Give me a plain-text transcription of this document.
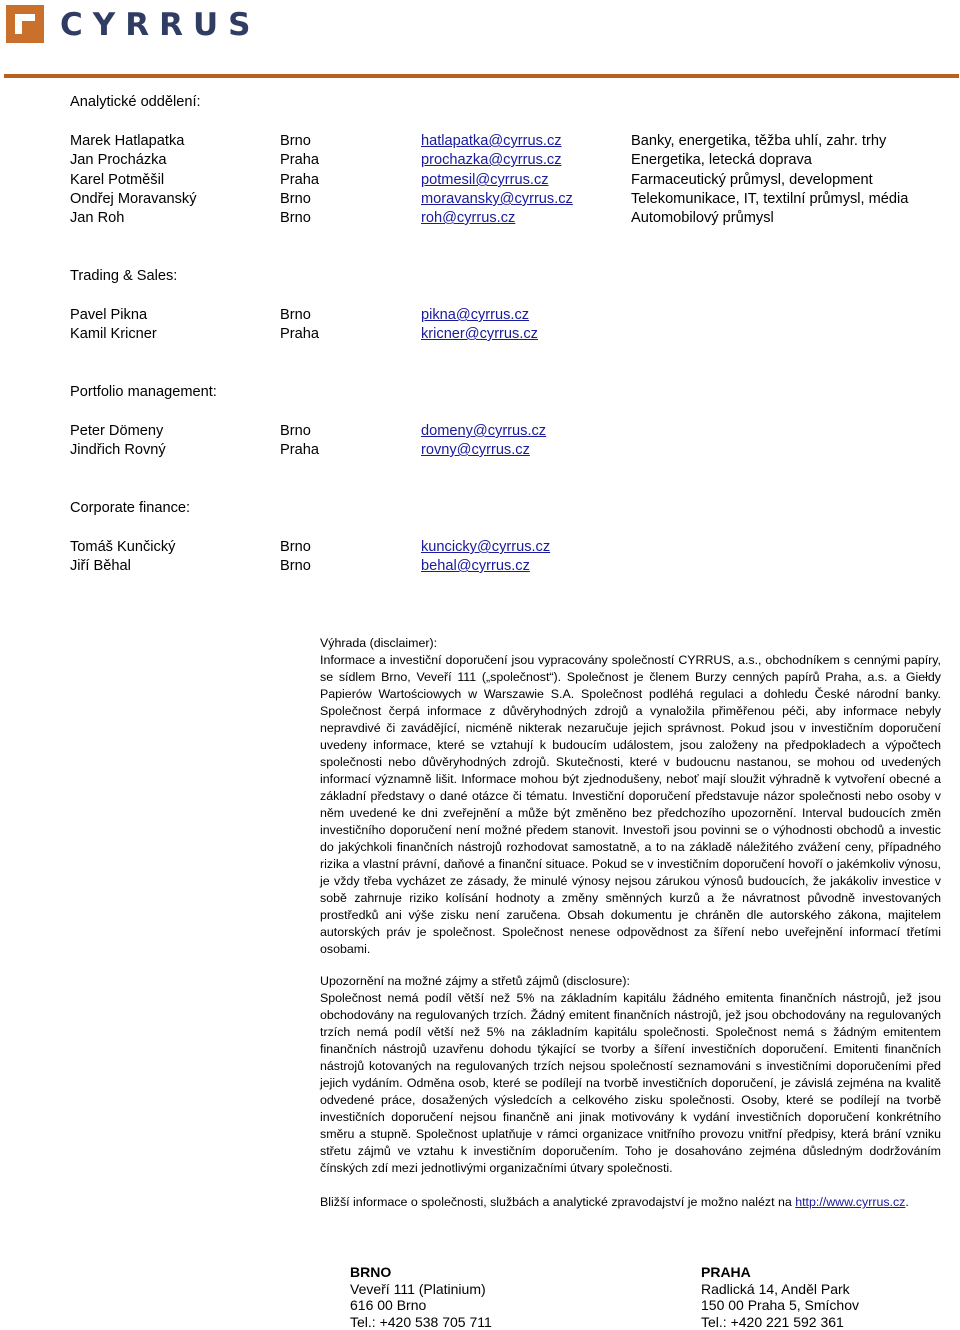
CYRRUS
Analytické oddělení:
Marek Hatlapatka	Brno	hatlapatka@cyrrus.cz	Banky, energetika, těžba uhlí, zahr. trhy
Jan Procházka	Praha	prochazka@cyrrus.cz	Energetika, letecká doprava
Karel Potměšil	Praha	potmesil@cyrrus.cz	Farmaceutický průmysl, development
Ondřej Moravanský	Brno	moravansky@cyrrus.cz	Telekomunikace, IT, textilní průmysl, média
Jan Roh	Brno	roh@cyrrus.cz	Automobilový průmysl
Trading & Sales:
Pavel Pikna	Brno	pikna@cyrrus.cz
Kamil Kricner	Praha	kricner@cyrrus.cz
Portfolio management:
Peter Dömeny	Brno	domeny@cyrrus.cz
Jindřich Rovný	Praha	rovny@cyrrus.cz
Corporate finance:
Tomáš Kunčický	Brno	kuncicky@cyrrus.cz
Jiří Běhal	Brno	behal@cyrrus.cz

Výhrada (disclaimer):

Informace a investiční doporučení jsou vypracovány společností CYRRUS, a.s., obchodníkem s cennými papíry, se sídlem Brno, Veveří 111 („společnost“). Společnost je členem Burzy cenných papírů Praha, a.s. a Giełdy Papierów Wartościowych w Warszawie S.A. Společnost podléhá regulaci a dohledu České národní banky. Společnost čerpá informace z důvěryhodných zdrojů a vynaložila přiměřenou péči, aby informace nebyly nepravdivé či zavádějící, nicméně nikterak nezaručuje jejich správnost. Pokud jsou v investičním doporučení uvedeny informace, které se vztahují k budoucím událostem, jsou založeny na předpokladech a výpočtech společnosti nebo důvěryhodných zdrojů. Skutečnosti, které v budoucnu nastanou, se mohou od uvedených informací významně lišit. Informace mohou být zjednodušeny, neboť mají sloužit výhradně k vytvoření obecné a základní představy o dané otázce či tématu. Investiční doporučení představuje názor společnosti nebo osoby v něm uvedené ke dni zveřejnění a může být změněno bez předchozího upozornění. Interval budoucích změn investičního doporučení není možné předem stanovit. Investoři jsou povinni se o výhodnosti obchodů a investic do jakýchkoli finančních nástrojů rozhodovat samostatně, a to na základě náležitého zvážení ceny, případného rizika a vlastní právní, daňové a finanční situace. Pokud se v investičním doporučení hovoří o jakémkoliv výnosu, je vždy třeba vycházet ze zásady, že minulé výnosy nejsou zárukou výnosů budoucích, že jakákoliv investice v sobě zahrnuje riziko kolísání hodnoty a změny směnných kurzů a že návratnost původně investovaných prostředků ani výše zisku není zaručena. Obsah dokumentu je chráněn dle autorského zákona, majitelem autorských práv je společnost. Společnost nenese odpovědnost za šíření nebo uveřejnění informací třetími osobami.

Upozornění na možné zájmy a střetů zájmů (disclosure):

Společnost nemá podíl větší než 5% na základním kapitálu žádného emitenta finančních nástrojů, jež jsou obchodovány na regulovaných trzích. Žádný emitent finančních nástrojů, jež jsou obchodovány na regulovaných trzích nemá podíl větší než 5% na základním kapitálu společnosti. Společnost nemá s žádným emitentem finančních nástrojů uzavřenu dohodu týkající se tvorby a šíření investičních doporučení. Emitenti finančních nástrojů kotovaných na regulovaných trzích nejsou společností seznamováni s investičními doporučeními před jejich vydáním. Odměna osob, které se podílejí na tvorbě investičních doporučení, je závislá zejména na kvalitě odvedené práce, dosažených výsledcích a celkového zisku společnosti. Osoby, které se podílejí na tvorbě investičních doporučení nejsou finančně ani jinak motivovány k vydání investičních doporučení konkrétního směru a stupně. Společnost uplatňuje v rámci organizace vnitřního provozu vnitřní předpisy, která brání vzniku střetu zájmů ve vztahu k investičním doporučením. Toho je dosahováno zejména důsledným dodržováním čínských zdí mezi jednotlivými organizačními útvary společnosti.

Bližší informace o společnosti, službách a analytické zpravodajství je možno nalézt na http://www.cyrrus.cz.
BRNO
Veveří 111 (Platinium)
616 00 Brno
Tel.: +420 538 705 711
PRAHA
Radlická 14, Anděl Park
150 00 Praha 5, Smíchov
Tel.: +420 221 592 361
